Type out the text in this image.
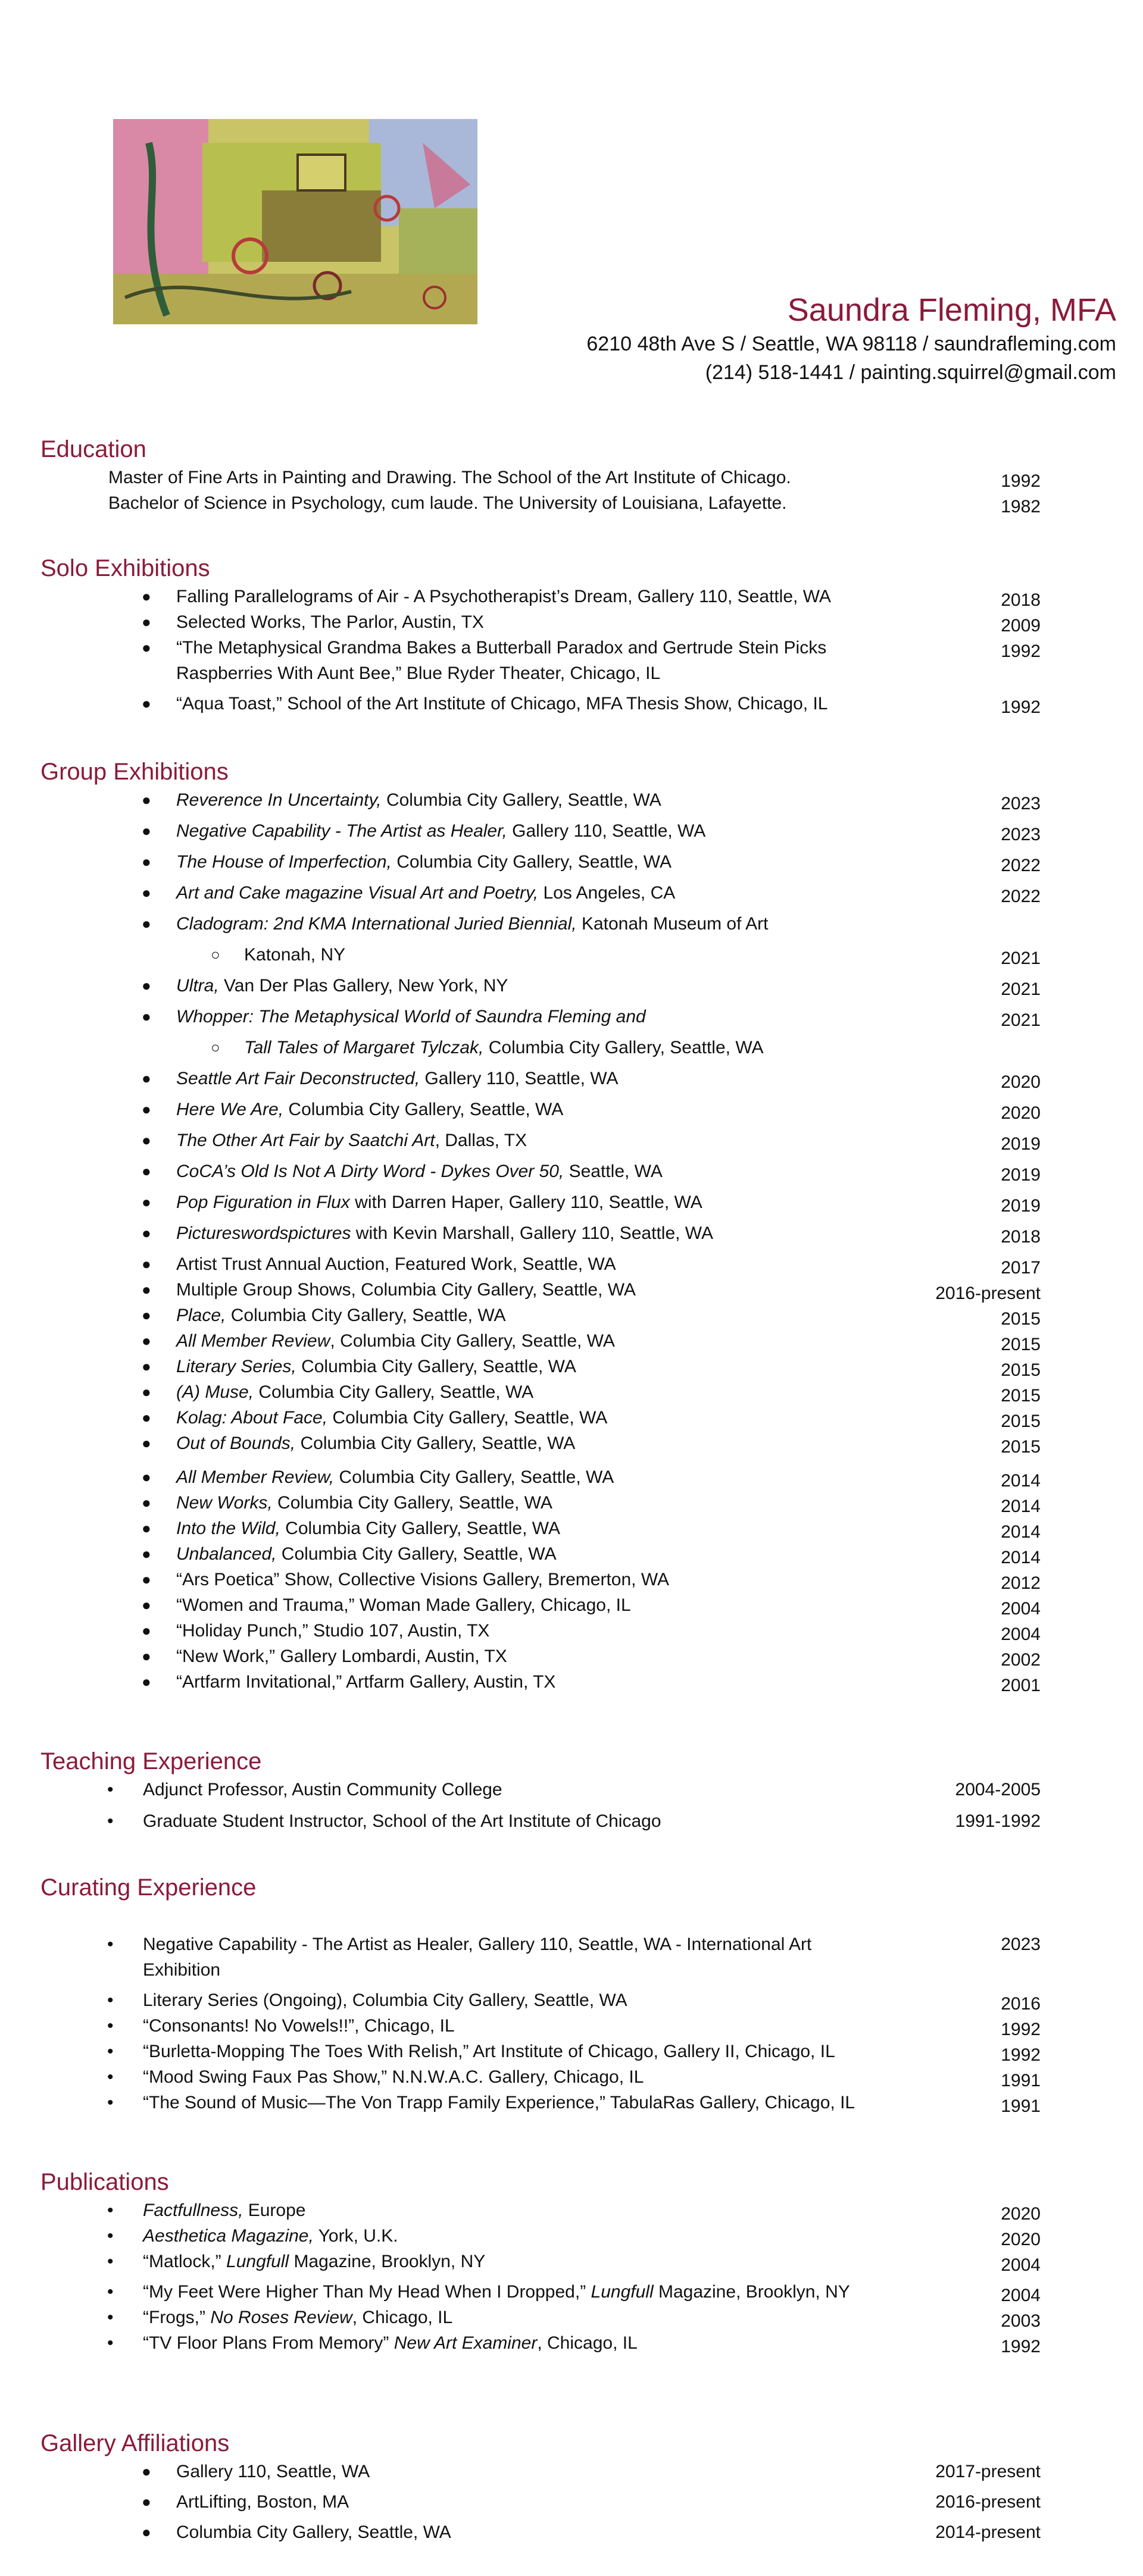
Saundra Fleming, MFA
6210 48th Ave S / Seattle, WA 98118 / saundrafleming.com
(214) 518-1441 / painting.squirrel@gmail.com
Education
Master of Fine Arts in Painting and Drawing. The School of the Art Institute of Chicago.	1992
Bachelor of Science in Psychology, cum laude. The University of Louisiana, Lafayette.	1982
Solo Exhibitions
● Falling Parallelograms of Air - A Psychotherapist’s Dream, Gallery 110, Seattle, WA	2018
● Selected Works, The Parlor, Austin, TX	2009
● “The Metaphysical Grandma Bakes a Butterball Paradox and Gertrude Stein Picks	1992
Raspberries With Aunt Bee,” Blue Ryder Theater, Chicago, IL
● “Aqua Toast,” School of the Art Institute of Chicago, MFA Thesis Show, Chicago, IL	1992
Group Exhibitions
● Reverence In Uncertainty, Columbia City Gallery, Seattle, WA	2023
● Negative Capability - The Artist as Healer, Gallery 110, Seattle, WA	2023
● The House of Imperfection, Columbia City Gallery, Seattle, WA	2022
● Art and Cake magazine Visual Art and Poetry, Los Angeles, CA	2022
● Cladogram: 2nd KMA International Juried Biennial, Katonah Museum of Art
○ Katonah, NY	2021
● Ultra, Van Der Plas Gallery, New York, NY	2021
● Whopper: The Metaphysical World of Saundra Fleming and	2021
○ Tall Tales of Margaret Tylczak, Columbia City Gallery, Seattle, WA
● Seattle Art Fair Deconstructed, Gallery 110, Seattle, WA	2020
● Here We Are, Columbia City Gallery, Seattle, WA	2020
● The Other Art Fair by Saatchi Art, Dallas, TX	2019
● CoCA’s Old Is Not A Dirty Word - Dykes Over 50, Seattle, WA	2019
● Pop Figuration in Flux with Darren Haper, Gallery 110, Seattle, WA	2019
● Pictureswordspictures with Kevin Marshall, Gallery 110, Seattle, WA	2018
● Artist Trust Annual Auction, Featured Work, Seattle, WA	2017
● Multiple Group Shows, Columbia City Gallery, Seattle, WA	2016-present
● Place, Columbia City Gallery, Seattle, WA	2015
● All Member Review, Columbia City Gallery, Seattle, WA	2015
● Literary Series, Columbia City Gallery, Seattle, WA	2015
● (A) Muse, Columbia City Gallery, Seattle, WA	2015
● Kolag: About Face, Columbia City Gallery, Seattle, WA	2015
● Out of Bounds, Columbia City Gallery, Seattle, WA	2015
● All Member Review, Columbia City Gallery, Seattle, WA	2014
● New Works, Columbia City Gallery, Seattle, WA	2014
● Into the Wild, Columbia City Gallery, Seattle, WA	2014
● Unbalanced, Columbia City Gallery, Seattle, WA	2014
● “Ars Poetica” Show, Collective Visions Gallery, Bremerton, WA	2012
● “Women and Trauma,” Woman Made Gallery, Chicago, IL	2004
● “Holiday Punch,” Studio 107, Austin, TX	2004
● “New Work,” Gallery Lombardi, Austin, TX	2002
● “Artfarm Invitational,” Artfarm Gallery, Austin, TX	2001
Teaching Experience
• Adjunct Professor, Austin Community College	2004-2005
• Graduate Student Instructor, School of the Art Institute of Chicago	1991-1992
Curating Experience
• Negative Capability - The Artist as Healer, Gallery 110, Seattle, WA - International Art	2023
Exhibition
• Literary Series (Ongoing), Columbia City Gallery, Seattle, WA	2016
• “Consonants! No Vowels!!”, Chicago, IL	1992
• “Burletta-Mopping The Toes With Relish,” Art Institute of Chicago, Gallery II, Chicago, IL	1992
• “Mood Swing Faux Pas Show,” N.N.W.A.C. Gallery, Chicago, IL	1991
• “The Sound of Music—The Von Trapp Family Experience,” TabulaRas Gallery, Chicago, IL	1991
Publications
• Factfullness, Europe	2020
• Aesthetica Magazine, York, U.K.	2020
• “Matlock,” Lungfull Magazine, Brooklyn, NY	2004
• “My Feet Were Higher Than My Head When I Dropped,” Lungfull Magazine, Brooklyn, NY	2004
• “Frogs,” No Roses Review, Chicago, IL	2003
• “TV Floor Plans From Memory” New Art Examiner, Chicago, IL	1992
Gallery Affiliations
● Gallery 110, Seattle, WA	2017-present
● ArtLifting, Boston, MA	2016-present
● Columbia City Gallery, Seattle, WA	2014-present
